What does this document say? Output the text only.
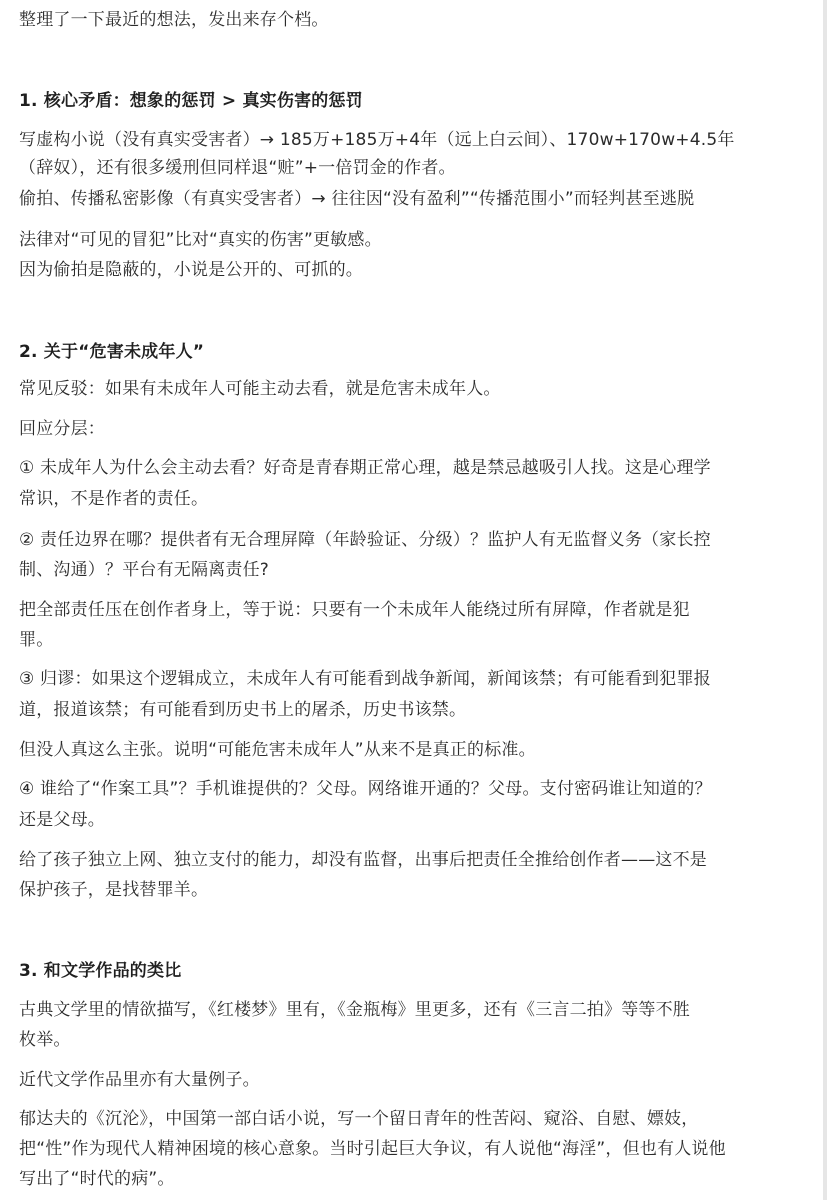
整理了一下最近的想法，发出来存个档。
1. 核心矛盾：想象的惩罚 > 真实伤害的惩罚
写虚构小说（没有真实受害者）→ 185万+185万+4年（远上白云间）、170w+170w+4.5年
（辞奴），还有很多缓刑但同样退“赃”+一倍罚金的作者。
偷拍、传播私密影像（有真实受害者）→ 往往因“没有盈利”“传播范围小”而轻判甚至逃脱
法律对“可见的冒犯”比对“真实的伤害”更敏感。
因为偷拍是隐蔽的，小说是公开的、可抓的。
2. 关于“危害未成年人”
常见反驳：如果有未成年人可能主动去看，就是危害未成年人。
回应分层：
① 未成年人为什么会主动去看？好奇是青春期正常心理，越是禁忌越吸引人找。这是心理学
常识，不是作者的责任。
② 责任边界在哪？提供者有无合理屏障（年龄验证、分级）？监护人有无监督义务（家长控
制、沟通）？平台有无隔离责任?
把全部责任压在创作者身上，等于说：只要有一个未成年人能绕过所有屏障，作者就是犯
罪。
③ 归谬：如果这个逻辑成立，未成年人有可能看到战争新闻，新闻该禁；有可能看到犯罪报
道，报道该禁；有可能看到历史书上的屠杀，历史书该禁。
但没人真这么主张。说明“可能危害未成年人”从来不是真正的标准。
④ 谁给了“作案工具”？手机谁提供的？父母。网络谁开通的？父母。支付密码谁让知道的？
还是父母。
给了孩子独立上网、独立支付的能力，却没有监督，出事后把责任全推给创作者——这不是
保护孩子，是找替罪羊。
3. 和文学作品的类比
古典文学里的情欲描写，《红楼梦》里有，《金瓶梅》里更多，还有《三言二拍》等等不胜
枚举。
近代文学作品里亦有大量例子。
郁达夫的《沉沦》，中国第一部白话小说，写一个留日青年的性苦闷、窥浴、自慰、嫖妓，
把“性”作为现代人精神困境的核心意象。当时引起巨大争议，有人说他“海淫”，但也有人说他
写出了“时代的病”。
